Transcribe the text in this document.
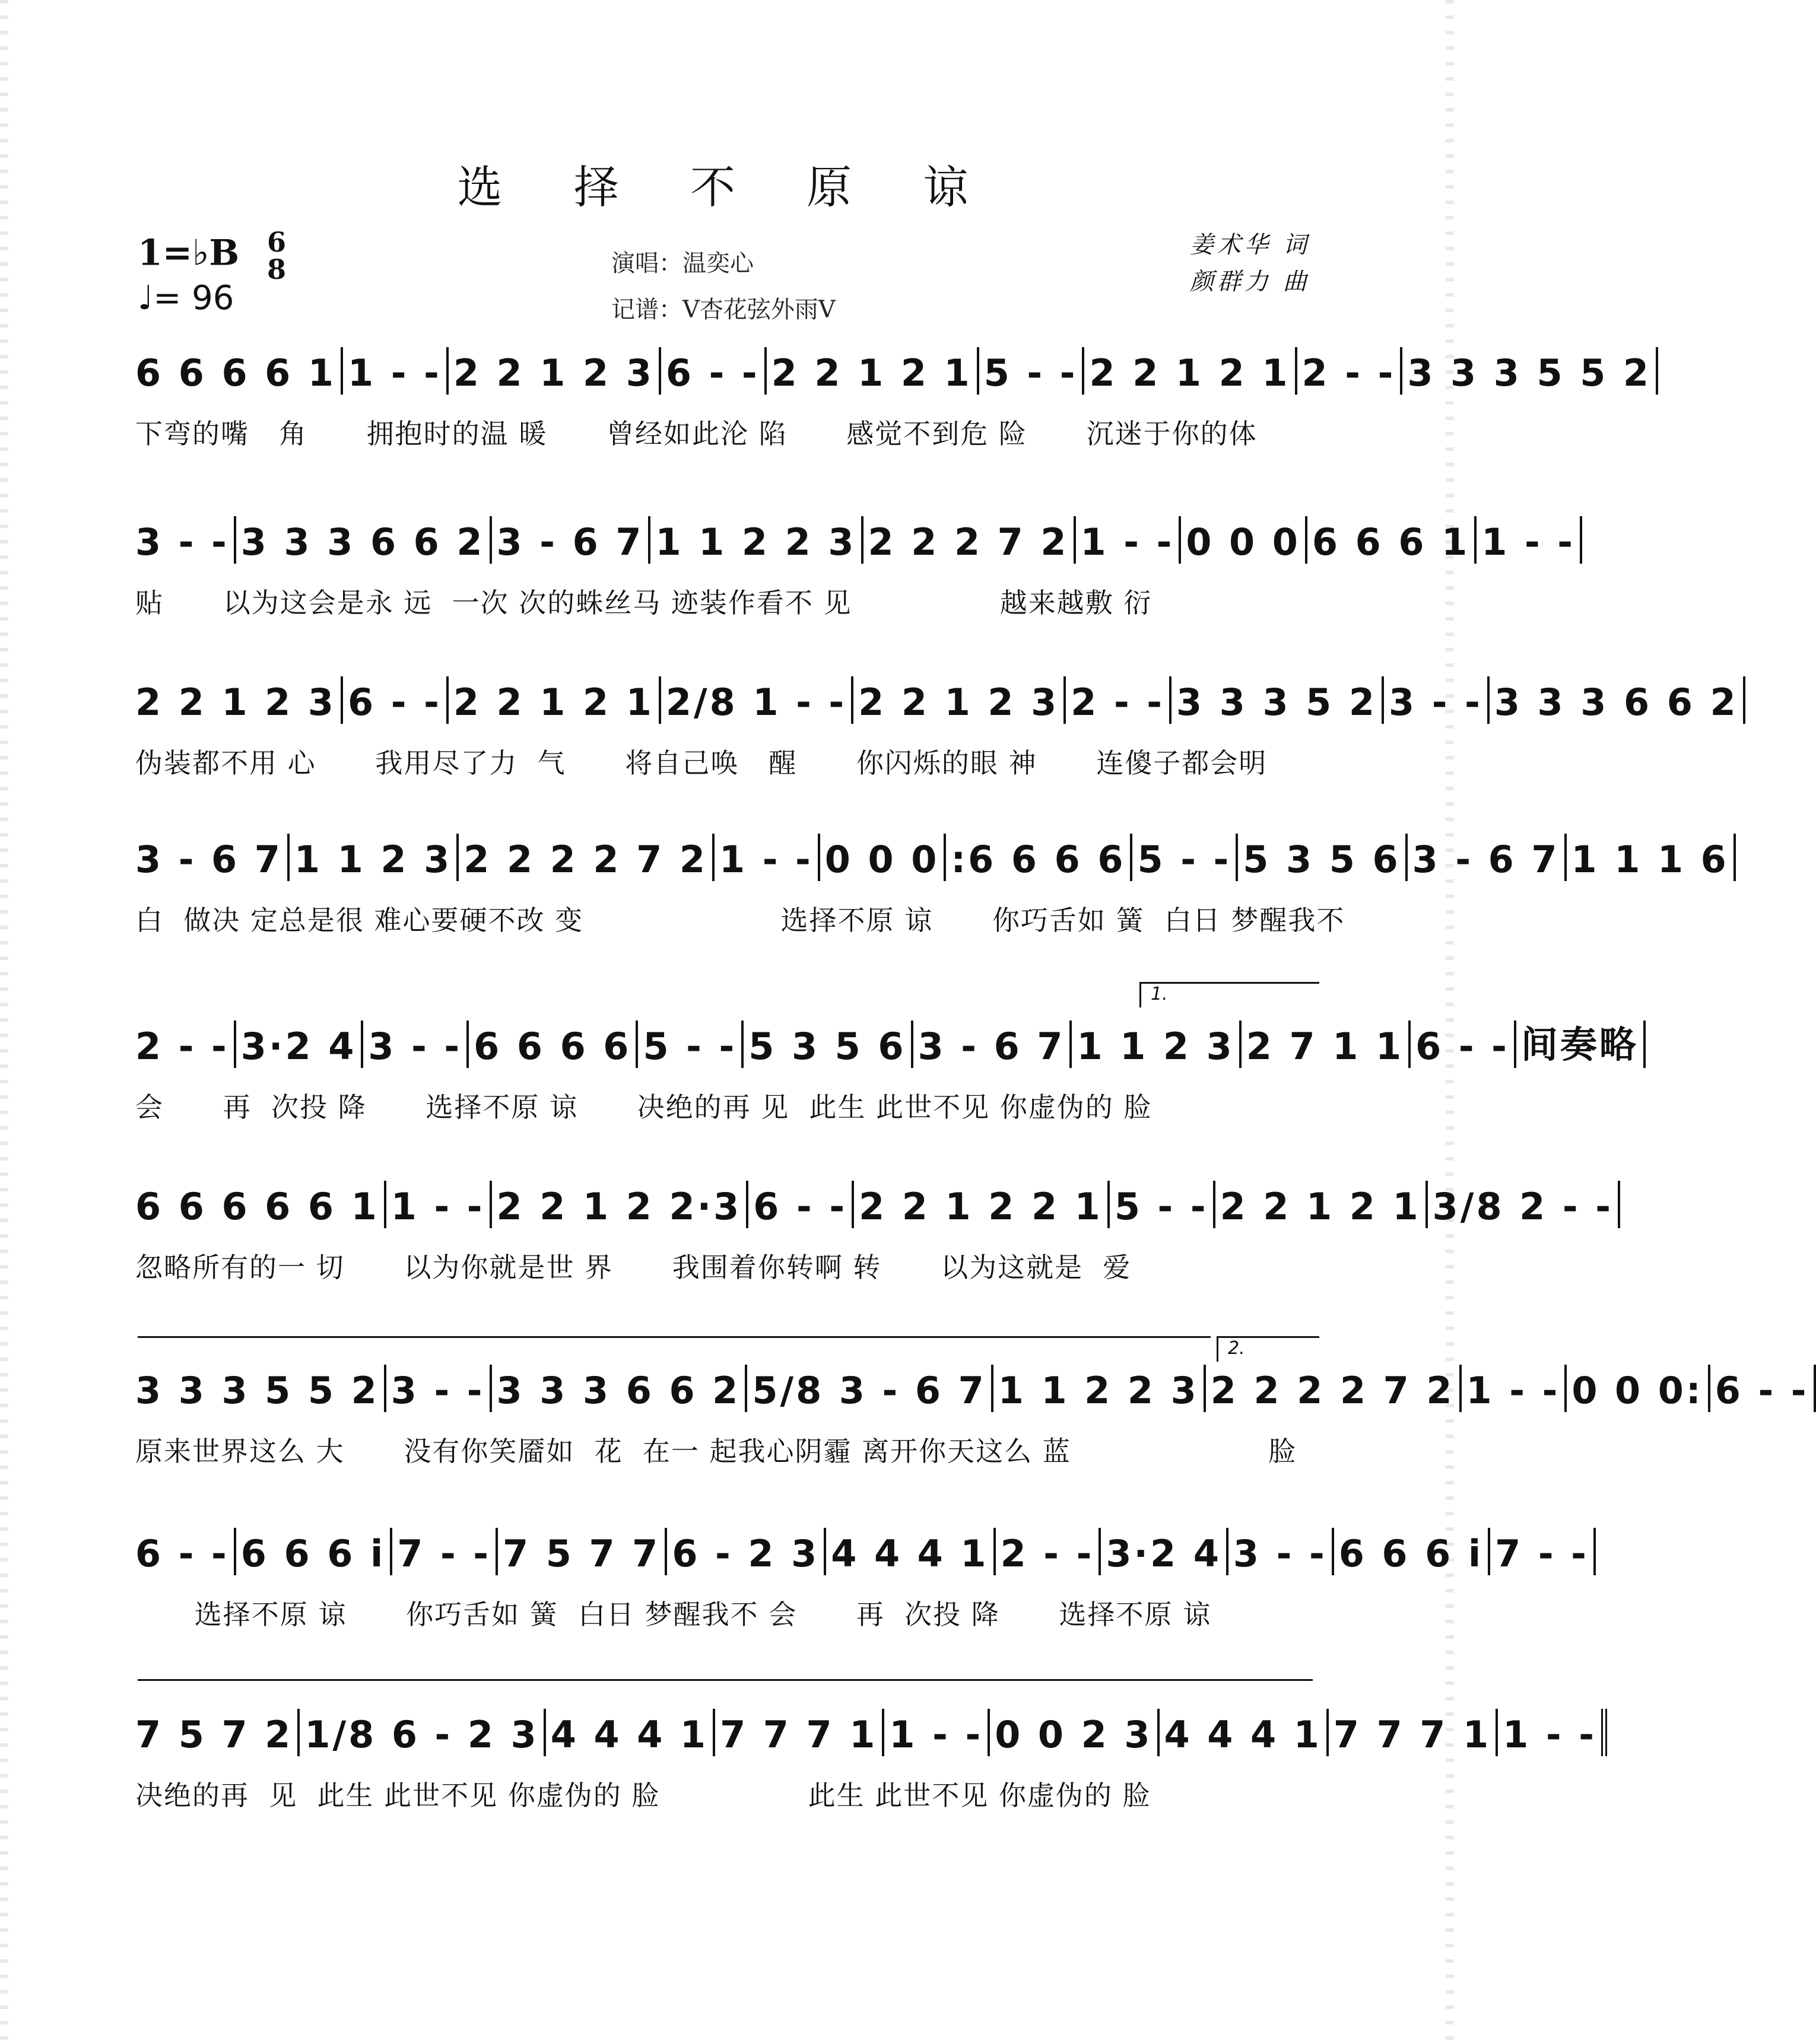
选 择 不 原 谅
1=♭B 6
8
♩= 96
演唱：温奕心
记谱：V杏花弦外雨V
姜术华 词
颜群力 曲
6 6 6 6 1 1 - - 2 2 1 2 3 6 - - 2 2 1 2 1 5 - - 2 2 1 2 1 2 - - 3 3 3 5 5 2
下弯的嘴   角      拥抱时的温 暖      曾经如此沦 陷      感觉不到危 险      沉迷于你的体
3 - - 3 3 3 6 6 2 3 - 6 7 1 1 2 2 3 2 2 2 7 2 1 - - 0 0 0 6 6 6 1 1 - -
贴      以为这会是永 远  一次 次的蛛丝马 迹装作看不 见               越来越敷 衍
2 2 1 2 3 6 - - 2 2 1 2 1 2/8 1 - - 2 2 1 2 3 2 - - 3 3 3 5 2 3 - - 3 3 3 6 6 2
伪装都不用 心      我用尽了力  气      将自己唤   醒      你闪烁的眼 神      连傻子都会明
3 - 6 7 1 1 2 3 2 2 2 2 7 2 1 - - 0 0 0 :6 6 6 6 5 - - 5 3 5 6 3 - 6 7 1 1 1 6
白  做决 定总是很 难心要硬不改 变                    选择不原 谅      你巧舌如 簧  白日 梦醒我不
2 - - 3·2 4 3 - - 6 6 6 6 5 - - 5 3 5 6 3 - 6 7 1 1 2 3 2 7 1 1 6 - - 间奏略
会      再  次投 降      选择不原 谅      决绝的再 见  此生 此世不见 你虚伪的 脸
6 6 6 6 6 1 1 - - 2 2 1 2 2·3 6 - - 2 2 1 2 2 1 5 - - 2 2 1 2 1 3/8 2 - -
忽略所有的一 切      以为你就是世 界      我围着你转啊 转      以为这就是  爱
3 3 3 5 5 2 3 - - 3 3 3 6 6 2 5/8 3 - 6 7 1 1 2 2 3 2 2 2 2 7 2 1 - - 0 0 0: 6 - -
原来世界这么 大      没有你笑靥如  花  在一 起我心阴霾 离开你天这么 蓝                    脸
6 - - 6 6 6 i 7 - - 7 5 7 7 6 - 2 3 4 4 4 1 2 - - 3·2 4 3 - - 6 6 6 i 7 - -
选择不原 谅      你巧舌如 簧  白日 梦醒我不 会      再  次投 降      选择不原 谅
7 5 7 2 1/8 6 - 2 3 4 4 4 1 7 7 7 1 1 - - 0 0 2 3 4 4 4 1 7 7 7 1 1 - -
决绝的再  见  此生 此世不见 你虚伪的 脸               此生 此世不见 你虚伪的 脸
1.
2.
